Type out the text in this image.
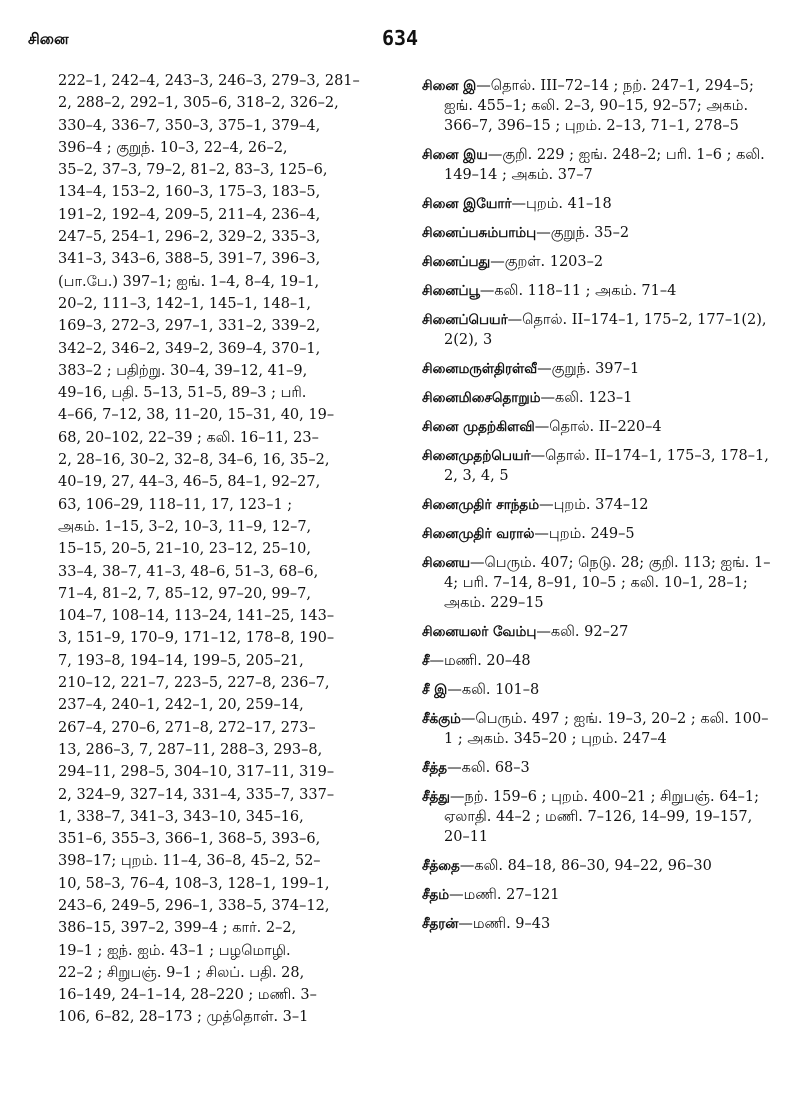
சினை	634
222–1, 242–4, 243–3, 246–3, 279–3, 281–
2, 288–2, 292–1, 305–6, 318–2, 326–2,
330–4, 336–7, 350–3, 375–1, 379–4,
396–4 ; குறுந். 10–3, 22–4, 26–2,
35–2, 37–3, 79–2, 81–2, 83–3, 125–6,
134–4, 153–2, 160–3, 175–3, 183–5,
191–2, 192–4, 209–5, 211–4, 236–4,
247–5, 254–1, 296–2, 329–2, 335–3,
341–3, 343–6, 388–5, 391–7, 396–3,
(பா.பே.) 397–1; ஐங். 1–4, 8–4, 19–1,
20–2, 111–3, 142–1, 145–1, 148–1,
169–3, 272–3, 297–1, 331–2, 339–2,
342–2, 346–2, 349–2, 369–4, 370–1,
383–2 ; பதிற்று. 30–4, 39–12, 41–9,
49–16, பதி. 5–13, 51–5, 89–3 ; பரி.
4–66, 7–12, 38, 11–20, 15–31, 40, 19–
68, 20–102, 22–39 ; கலி. 16–11, 23–
2, 28–16, 30–2, 32–8, 34–6, 16, 35–2,
40–19, 27, 44–3, 46–5, 84–1, 92–27,
63, 106–29, 118–11, 17, 123–1 ;
அகம். 1–15, 3–2, 10–3, 11–9, 12–7,
15–15, 20–5, 21–10, 23–12, 25–10,
33–4, 38–7, 41–3, 48–6, 51–3, 68–6,
71–4, 81–2, 7, 85–12, 97–20, 99–7,
104–7, 108–14, 113–24, 141–25, 143–
3, 151–9, 170–9, 171–12, 178–8, 190–
7, 193–8, 194–14, 199–5, 205–21,
210–12, 221–7, 223–5, 227–8, 236–7,
237–4, 240–1, 242–1, 20, 259–14,
267–4, 270–6, 271–8, 272–17, 273–
13, 286–3, 7, 287–11, 288–3, 293–8,
294–11, 298–5, 304–10, 317–11, 319–
2, 324–9, 327–14, 331–4, 335–7, 337–
1, 338–7, 341–3, 343–10, 345–16,
351–6, 355–3, 366–1, 368–5, 393–6,
398–17; புறம். 11–4, 36–8, 45–2, 52–
10, 58–3, 76–4, 108–3, 128–1, 199–1,
243–6, 249–5, 296–1, 338–5, 374–12,
386–15, 397–2, 399–4 ; கார். 2–2,
19–1 ; ஐந். ஐம். 43–1 ; பழமொழி.
22–2 ; சிறுபஞ். 9–1 ; சிலப். பதி. 28,
16–149, 24–1–14, 28–220 ; மணி. 3–
106, 6–82, 28–173 ; முத்தொள். 3–1
சினை இ—தொல். III–72–14 ; நற். 247–1, 294–5; ஐங். 455–1; கலி. 2–3, 90–15, 92–57; அகம். 366–7, 396–15 ; புறம். 2–13, 71–1, 278–5
சினை இய—குறி. 229 ; ஐங். 248–2; பரி. 1–6 ; கலி. 149–14 ; அகம். 37–7
சினை இயோர்—புறம். 41–18
சினைப்பசும்பாம்பு—குறுந். 35–2
சினைப்பது—குறள். 1203–2
சினைப்பூ—கலி. 118–11 ; அகம். 71–4
சினைப்பெயர்—தொல். II–174–1, 175–2, 177–1(2), 2(2), 3
சினைமருள்திரள்வீ—குறுந். 397–1
சினைமிசைதொறும்—கலி. 123–1
சினை முதற்கிளவி—தொல். II–220–4
சினைமுதற்பெயர்—தொல். II–174–1, 175–3, 178–1, 2, 3, 4, 5
சினைமுதிர் சாந்தம்—புறம். 374–12
சினைமுதிர் வரால்—புறம். 249–5
சினைய—பெரும். 407; நெடு. 28; குறி. 113; ஐங். 1–4; பரி. 7–14, 8–91, 10–5 ; கலி. 10–1, 28–1; அகம். 229–15
சினையலர் வேம்பு—கலி. 92–27
சீ—மணி. 20–48
சீ இ—கலி. 101–8
சீக்கும்—பெரும். 497 ; ஐங். 19–3, 20–2 ; கலி. 100–1 ; அகம். 345–20 ; புறம். 247–4
சீத்த—கலி. 68–3
சீத்து—நற். 159–6 ; புறம். 400–21 ; சிறுபஞ். 64–1; ஏலாதி. 44–2 ; மணி. 7–126, 14–99, 19–157, 20–11
சீத்தை—கலி. 84–18, 86–30, 94–22, 96–30
சீதம்—மணி. 27–121
சீதரன்—மணி. 9–43
